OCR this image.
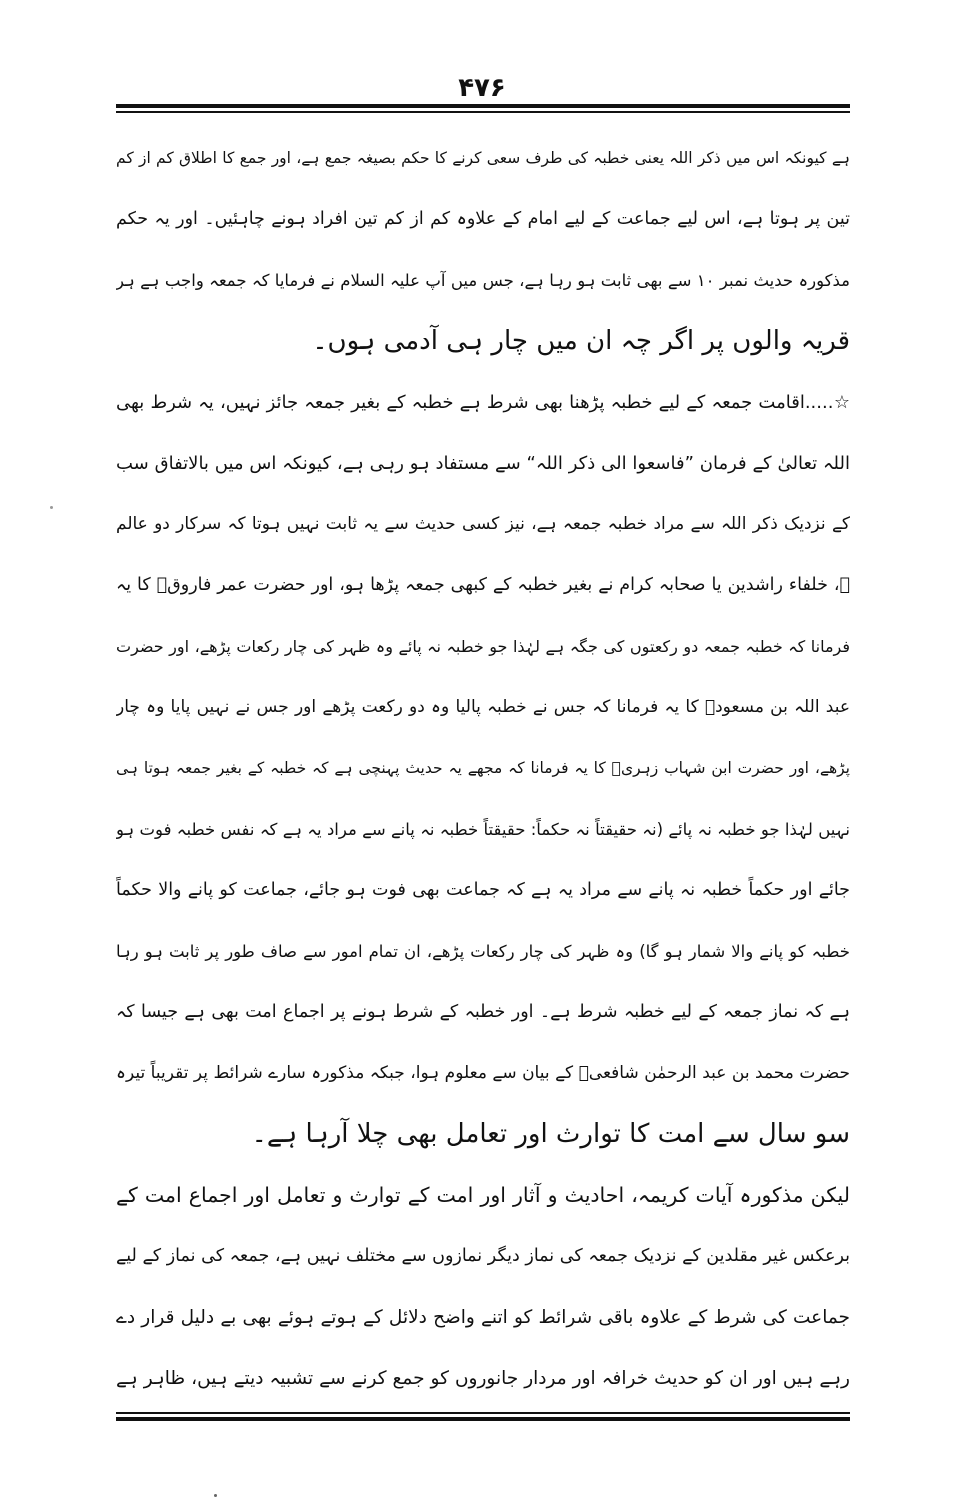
۴۷۶
ہے کیونکہ اس میں ذکر اللہ یعنی خطبہ کی طرف سعی کرنے کا حکم بصیغہ جمع ہے، اور جمع کا اطلاق کم از کم
تین پر ہوتا ہے، اس لیے جماعت کے لیے امام کے علاوہ کم از کم تین افراد ہونے چاہئیں۔ اور یہ حکم
مذکورہ حدیث نمبر ۱۰ سے بھی ثابت ہو رہا ہے، جس میں آپ علیہ السلام نے فرمایا کہ جمعہ واجب ہے ہر
قریہ والوں پر اگر چہ ان میں چار ہی آدمی ہوں۔
☆.....اقامت جمعہ کے لیے خطبہ پڑھنا بھی شرط ہے خطبہ کے بغیر جمعہ جائز نہیں، یہ شرط بھی
اللہ تعالیٰ کے فرمان ”فاسعوا الی ذکر اللہ“ سے مستفاد ہو رہی ہے، کیونکہ اس میں بالاتفاق سب
کے نزدیک ذکر اللہ سے مراد خطبہ جمعہ ہے، نیز کسی حدیث سے یہ ثابت نہیں ہوتا کہ سرکار دو عالم
ﷺ، خلفاء راشدین یا صحابہ کرام نے بغیر خطبہ کے کبھی جمعہ پڑھا ہو، اور حضرت عمر فاروقؓ کا یہ
فرمانا کہ خطبہ جمعہ دو رکعتوں کی جگہ ہے لہٰذا جو خطبہ نہ پائے وہ ظہر کی چار رکعات پڑھے، اور حضرت
عبد اللہ بن مسعودؓ کا یہ فرمانا کہ جس نے خطبہ پالیا وہ دو رکعت پڑھے اور جس نے نہیں پایا وہ چار
پڑھے، اور حضرت ابن شہاب زہریؒ کا یہ فرمانا کہ مجھے یہ حدیث پہنچی ہے کہ خطبہ کے بغیر جمعہ ہوتا ہی
نہیں لہٰذا جو خطبہ نہ پائے (نہ حقیقتاً نہ حکماً: حقیقتاً خطبہ نہ پانے سے مراد یہ ہے کہ نفس خطبہ فوت ہو
جائے اور حکماً خطبہ نہ پانے سے مراد یہ ہے کہ جماعت بھی فوت ہو جائے، جماعت کو پانے والا حکماً
خطبہ کو پانے والا شمار ہو گا) وہ ظہر کی چار رکعات پڑھے، ان تمام امور سے صاف طور پر ثابت ہو رہا
ہے کہ نماز جمعہ کے لیے خطبہ شرط ہے۔ اور خطبہ کے شرط ہونے پر اجماع امت بھی ہے جیسا کہ
حضرت محمد بن عبد الرحمٰن شافعیؒ کے بیان سے معلوم ہوا، جبکہ مذکورہ سارے شرائط پر تقریباً تیرہ
سو سال سے امت کا توارث اور تعامل بھی چلا آرہا ہے۔
لیکن مذکورہ آیات کریمہ، احادیث و آثار اور امت کے توارث و تعامل اور اجماع امت کے
برعکس غیر مقلدین کے نزدیک جمعہ کی نماز دیگر نمازوں سے مختلف نہیں ہے، جمعہ کی نماز کے لیے
جماعت کی شرط کے علاوہ باقی شرائط کو اتنے واضح دلائل کے ہوتے ہوئے بھی بے دلیل قرار دے
رہے ہیں اور ان کو حدیث خرافہ اور مردار جانوروں کو جمع کرنے سے تشبیہ دیتے ہیں، ظاہر ہے
